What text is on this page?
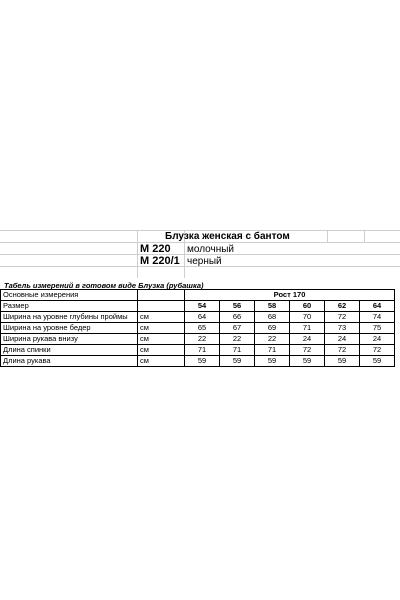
Блузка женская с бантом
М 220 молочный
М 220/1 черный
Табель измерений в готовом виде Блузка (рубашка)
Основные измерения		Рост 170					
Размер		54	56	58	60	62	64
Ширина на уровне глубины проймы	см	64	66	68	70	72	74
Ширина на уровне бедер	см	65	67	69	71	73	75
Ширина рукава внизу	см	22	22	22	24	24	24
Длина спинки	см	71	71	71	72	72	72
Длина рукава	см	59	59	59	59	59	59
